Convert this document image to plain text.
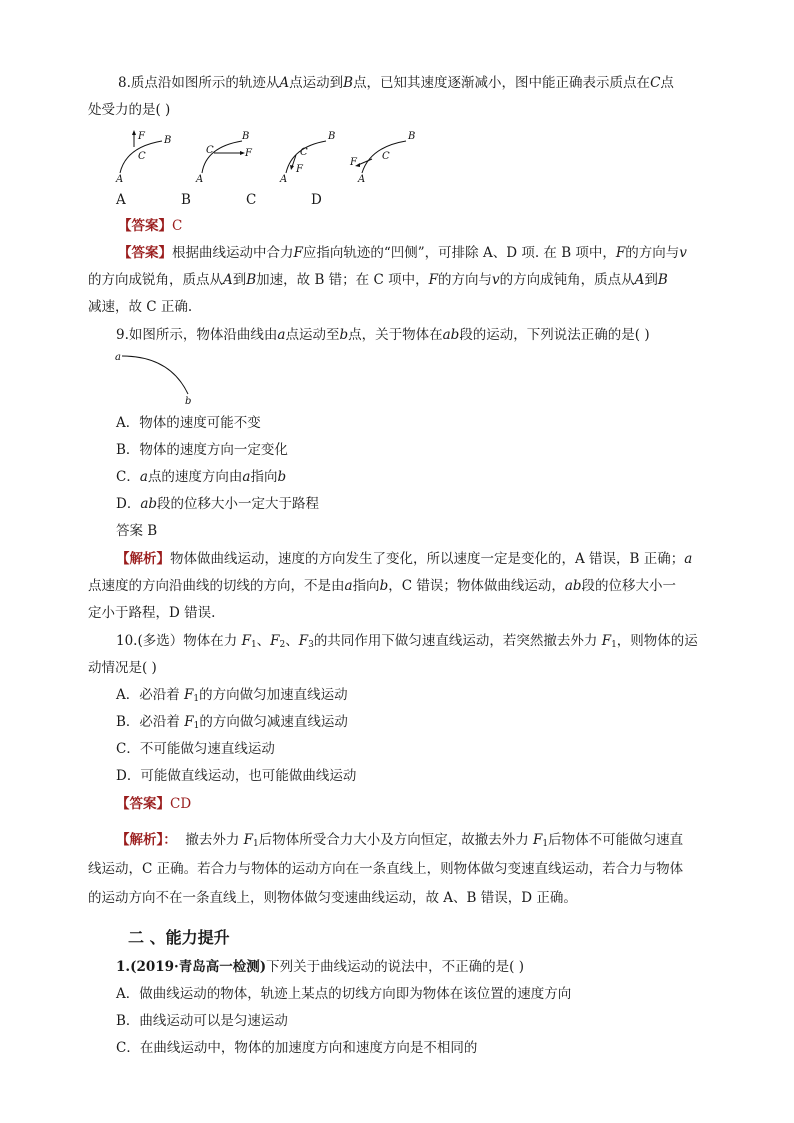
8.质点沿如图所示的轨迹从A点运动到B点，已知其速度逐渐减小，图中能正确表示质点在C点
处受力的是( )
F B
C
A
F
B
C
A
F
B
C
A
F
B
C
A
A	B	C	D
【答案】C
【答案】根据曲线运动中合力F应指向轨迹的“凹侧”，可排除 A、D 项. 在 B 项中，F的方向与v
的方向成锐角，质点从A到B加速，故 B 错；在 C 项中，F的方向与v的方向成钝角，质点从A到B
减速，故 C 正确.
9.如图所示，物体沿曲线由a点运动至b点，关于物体在ab段的运动，下列说法正确的是( )
a
b
A．物体的速度可能不变
B．物体的速度方向一定变化
C．a点的速度方向由a指向b
D．ab段的位移大小一定大于路程
答案 B
【解析】物体做曲线运动，速度的方向发生了变化，所以速度一定是变化的，A 错误，B 正确；a
点速度的方向沿曲线的切线的方向，不是由a指向b，C 错误；物体做曲线运动，ab段的位移大小一
定小于路程，D 错误.
10.(多选）物体在力 $F_1$、$F_2$、$F_3$的共同作用下做匀速直线运动，若突然撤去外力 $F_1$，则物体的运
动情况是( )
A．必沿着 $F_1$的方向做匀加速直线运动
B．必沿着 $F_1$的方向做匀减速直线运动
C．不可能做匀速直线运动
D．可能做直线运动，也可能做曲线运动
【答案】CD
【解析】： 撤去外力 $F_1$后物体所受合力大小及方向恒定，故撤去外力 $F_1$后物体不可能做匀速直
线运动，C 正确。若合力与物体的运动方向在一条直线上，则物体做匀变速直线运动，若合力与物体
的运动方向不在一条直线上，则物体做匀变速曲线运动，故 A、B 错误，D 正确。
二 、能力提升
1.(2019·青岛高一检测)下列关于曲线运动的说法中，不正确的是( )
A．做曲线运动的物体，轨迹上某点的切线方向即为物体在该位置的速度方向
B．曲线运动可以是匀速运动
C．在曲线运动中，物体的加速度方向和速度方向是不相同的
